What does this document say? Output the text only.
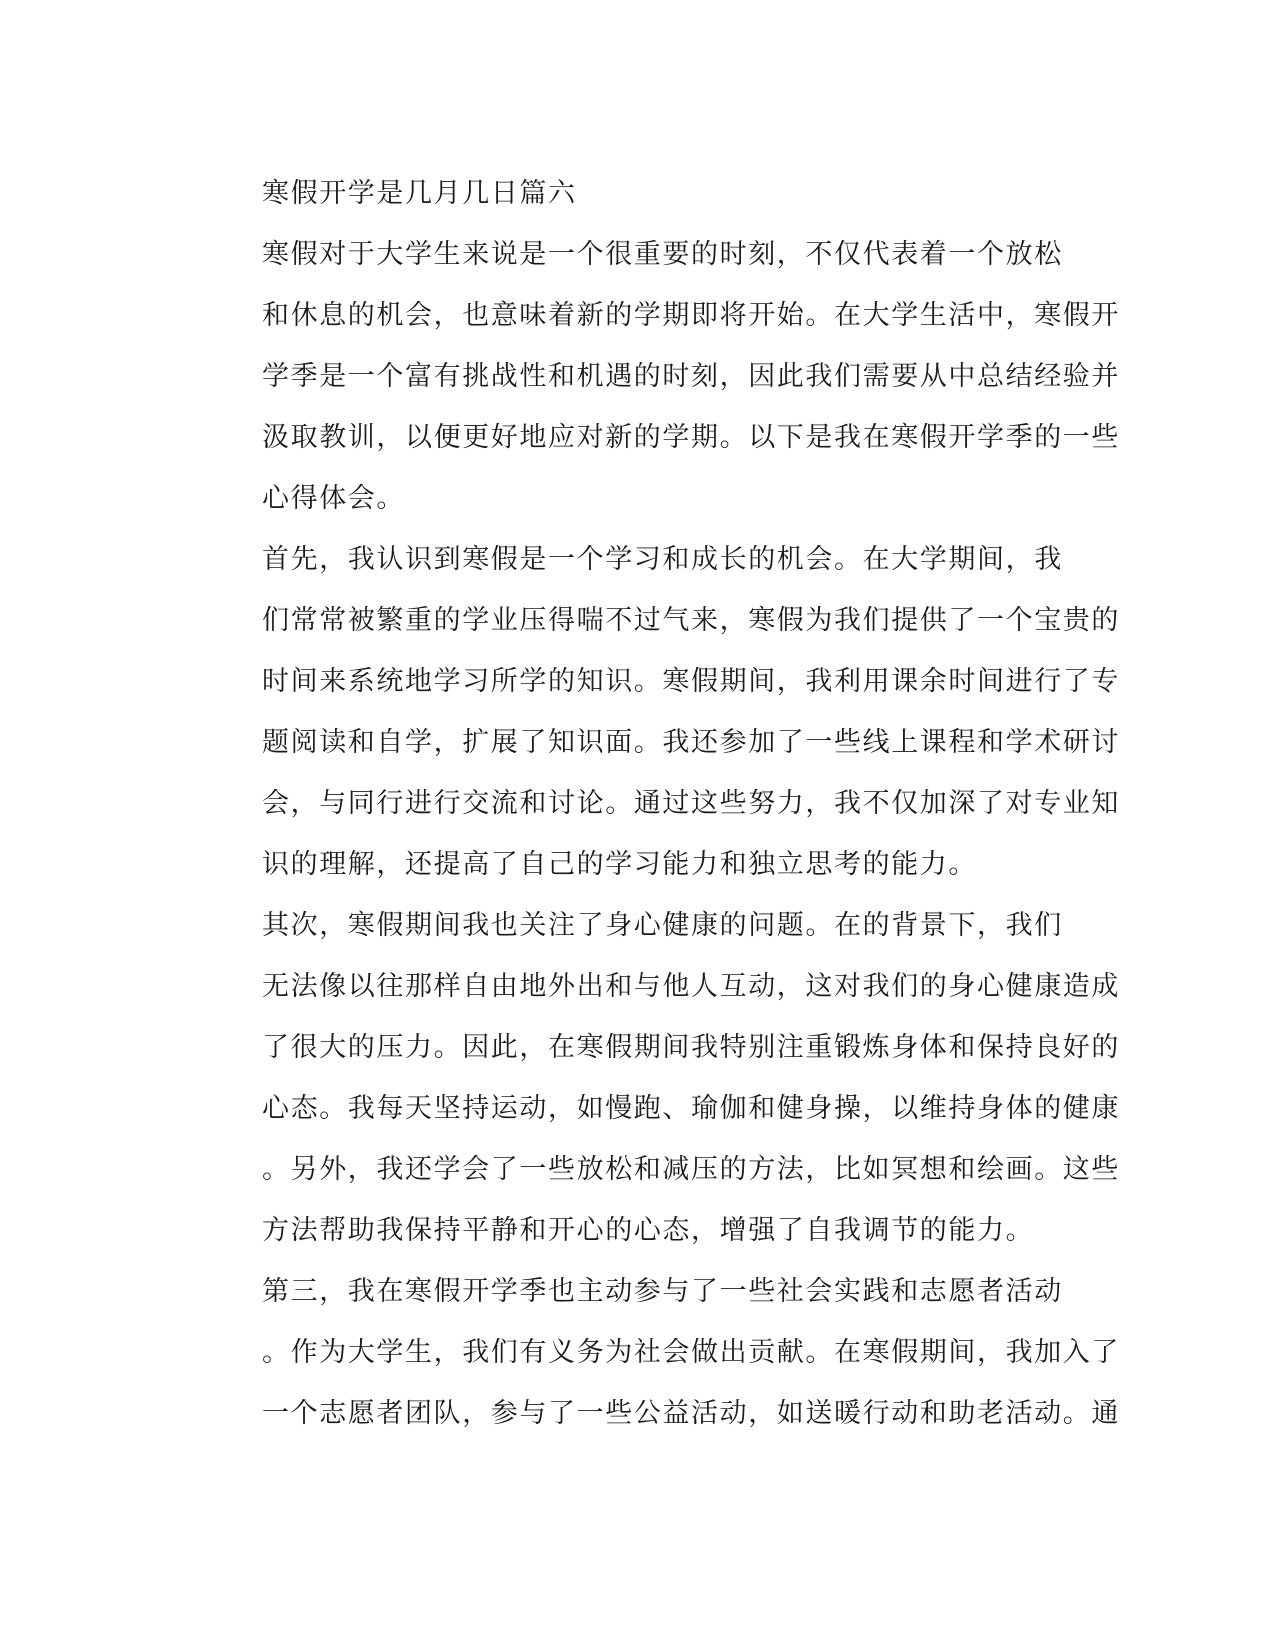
寒假开学是几月几日篇六

寒假对于大学生来说是一个很重要的时刻，不仅代表着一个放松
和休息的机会，也意味着新的学期即将开始。在大学生活中，寒假开
学季是一个富有挑战性和机遇的时刻，因此我们需要从中总结经验并
汲取教训，以便更好地应对新的学期。以下是我在寒假开学季的一些
心得体会。

首先，我认识到寒假是一个学习和成长的机会。在大学期间，我
们常常被繁重的学业压得喘不过气来，寒假为我们提供了一个宝贵的
时间来系统地学习所学的知识。寒假期间，我利用课余时间进行了专
题阅读和自学，扩展了知识面。我还参加了一些线上课程和学术研讨
会，与同行进行交流和讨论。通过这些努力，我不仅加深了对专业知
识的理解，还提高了自己的学习能力和独立思考的能力。

其次，寒假期间我也关注了身心健康的问题。在的背景下，我们
无法像以往那样自由地外出和与他人互动，这对我们的身心健康造成
了很大的压力。因此，在寒假期间我特别注重锻炼身体和保持良好的
心态。我每天坚持运动，如慢跑、瑜伽和健身操，以维持身体的健康
。另外，我还学会了一些放松和减压的方法，比如冥想和绘画。这些
方法帮助我保持平静和开心的心态，增强了自我调节的能力。

第三，我在寒假开学季也主动参与了一些社会实践和志愿者活动
。作为大学生，我们有义务为社会做出贡献。在寒假期间，我加入了
一个志愿者团队，参与了一些公益活动，如送暖行动和助老活动。通
